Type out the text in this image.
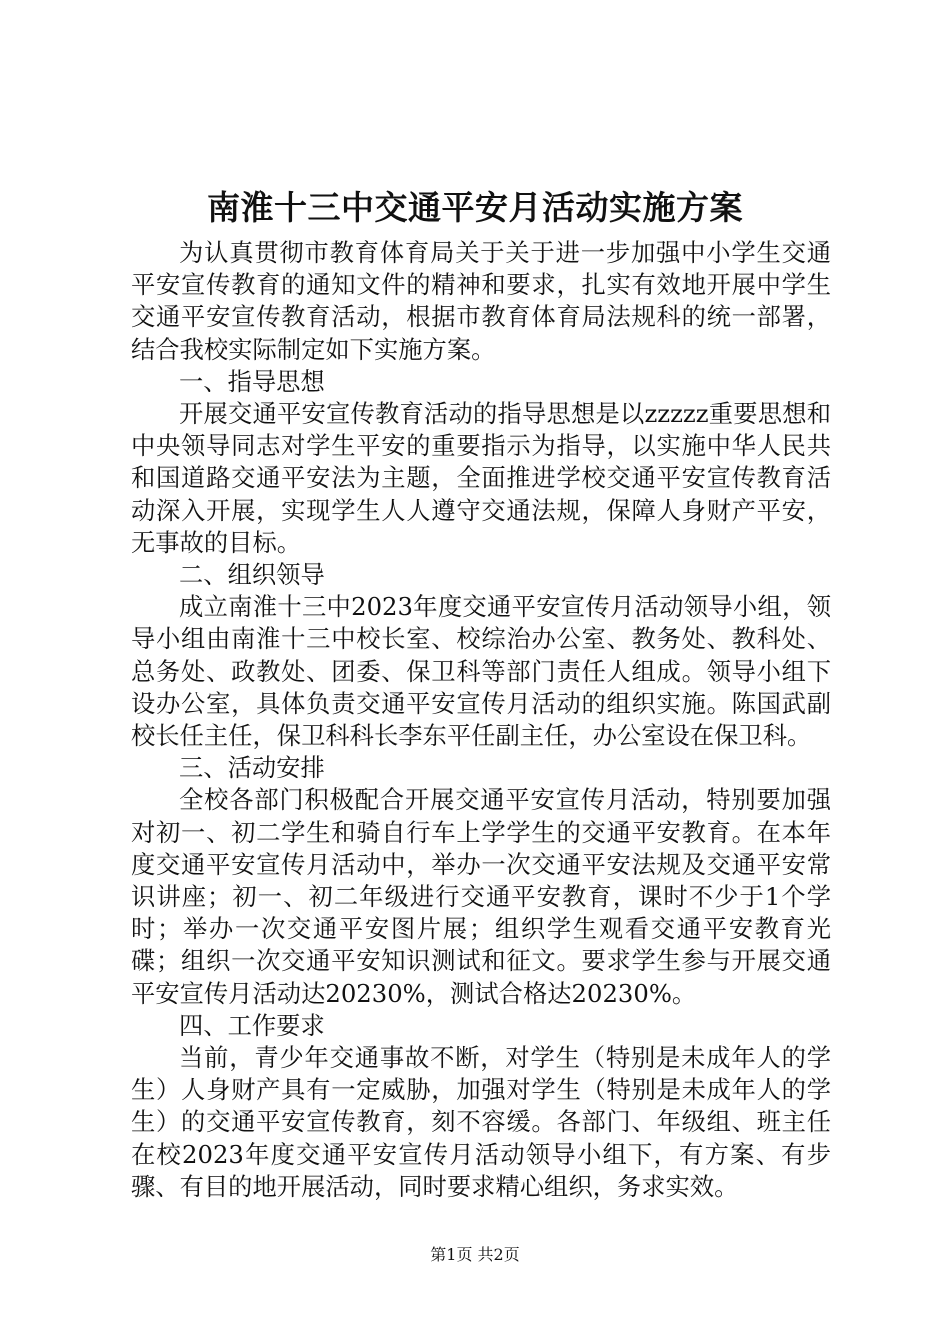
南淮十三中交通平安月活动实施方案

为认真贯彻市教育体育局关于关于进一步加强中小学生交通平安宣传教育的通知文件的精神和要求，扎实有效地开展中学生交通平安宣传教育活动，根据市教育体育局法规科的统一部署，结合我校实际制定如下实施方案。

一、指导思想

开展交通平安宣传教育活动的指导思想是以zzzzz重要思想和中央领导同志对学生平安的重要指示为指导，以实施中华人民共和国道路交通平安法为主题，全面推进学校交通平安宣传教育活动深入开展，实现学生人人遵守交通法规，保障人身财产平安，无事故的目标。

二、组织领导

成立南淮十三中2023年度交通平安宣传月活动领导小组，领导小组由南淮十三中校长室、校综治办公室、教务处、教科处、总务处、政教处、团委、保卫科等部门责任人组成。领导小组下设办公室，具体负责交通平安宣传月活动的组织实施。陈国武副校长任主任，保卫科科长李东平任副主任，办公室设在保卫科。

三、活动安排

全校各部门积极配合开展交通平安宣传月活动，特别要加强对初一、初二学生和骑自行车上学学生的交通平安教育。在本年度交通平安宣传月活动中，举办一次交通平安法规及交通平安常识讲座；初一、初二年级进行交通平安教育，课时不少于1个学时；举办一次交通平安图片展；组织学生观看交通平安教育光碟；组织一次交通平安知识测试和征文。要求学生参与开展交通平安宣传月活动达20230%，测试合格达20230%。

四、工作要求

当前，青少年交通事故不断，对学生（特别是未成年人的学生）人身财产具有一定威胁，加强对学生（特别是未成年人的学生）的交通平安宣传教育，刻不容缓。各部门、年级组、班主任在校2023年度交通平安宣传月活动领导小组下，有方案、有步骤、有目的地开展活动，同时要求精心组织，务求实效。

第1页 共2页
